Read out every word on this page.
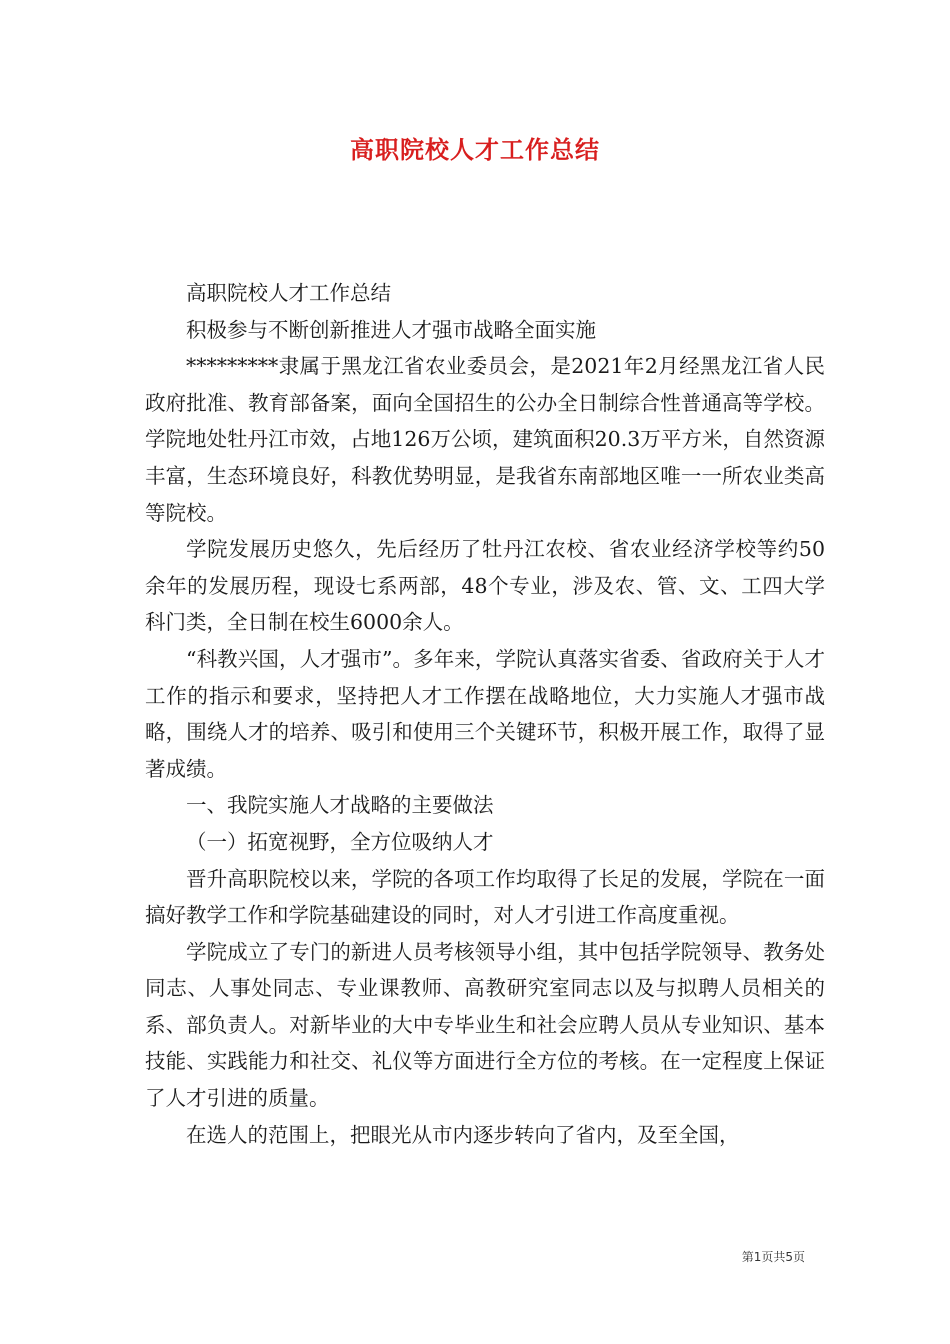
高职院校人才工作总结

高职院校人才工作总结

积极参与不断创新推进人才强市战略全面实施

*********隶属于黑龙江省农业委员会，是2021年2月经黑龙江省人民政府批准、教育部备案，面向全国招生的公办全日制综合性普通高等学校。学院地处牡丹江市效，占地126万公顷，建筑面积20.3万平方米，自然资源丰富，生态环境良好，科教优势明显，是我省东南部地区唯一一所农业类高等院校。

学院发展历史悠久，先后经历了牡丹江农校、省农业经济学校等约50余年的发展历程，现设七系两部，48个专业，涉及农、管、文、工四大学科门类，全日制在校生6000余人。

“科教兴国，人才强市”。多年来，学院认真落实省委、省政府关于人才工作的指示和要求，坚持把人才工作摆在战略地位，大力实施人才强市战略，围绕人才的培养、吸引和使用三个关键环节，积极开展工作，取得了显著成绩。

一、我院实施人才战略的主要做法

（一）拓宽视野，全方位吸纳人才

晋升高职院校以来，学院的各项工作均取得了长足的发展，学院在一面搞好教学工作和学院基础建设的同时，对人才引进工作高度重视。

学院成立了专门的新进人员考核领导小组，其中包括学院领导、教务处同志、人事处同志、专业课教师、高教研究室同志以及与拟聘人员相关的系、部负责人。对新毕业的大中专毕业生和社会应聘人员从专业知识、基本技能、实践能力和社交、礼仪等方面进行全方位的考核。在一定程度上保证了人才引进的质量。

在选人的范围上，把眼光从市内逐步转向了省内，及至全国，

第1页共5页
